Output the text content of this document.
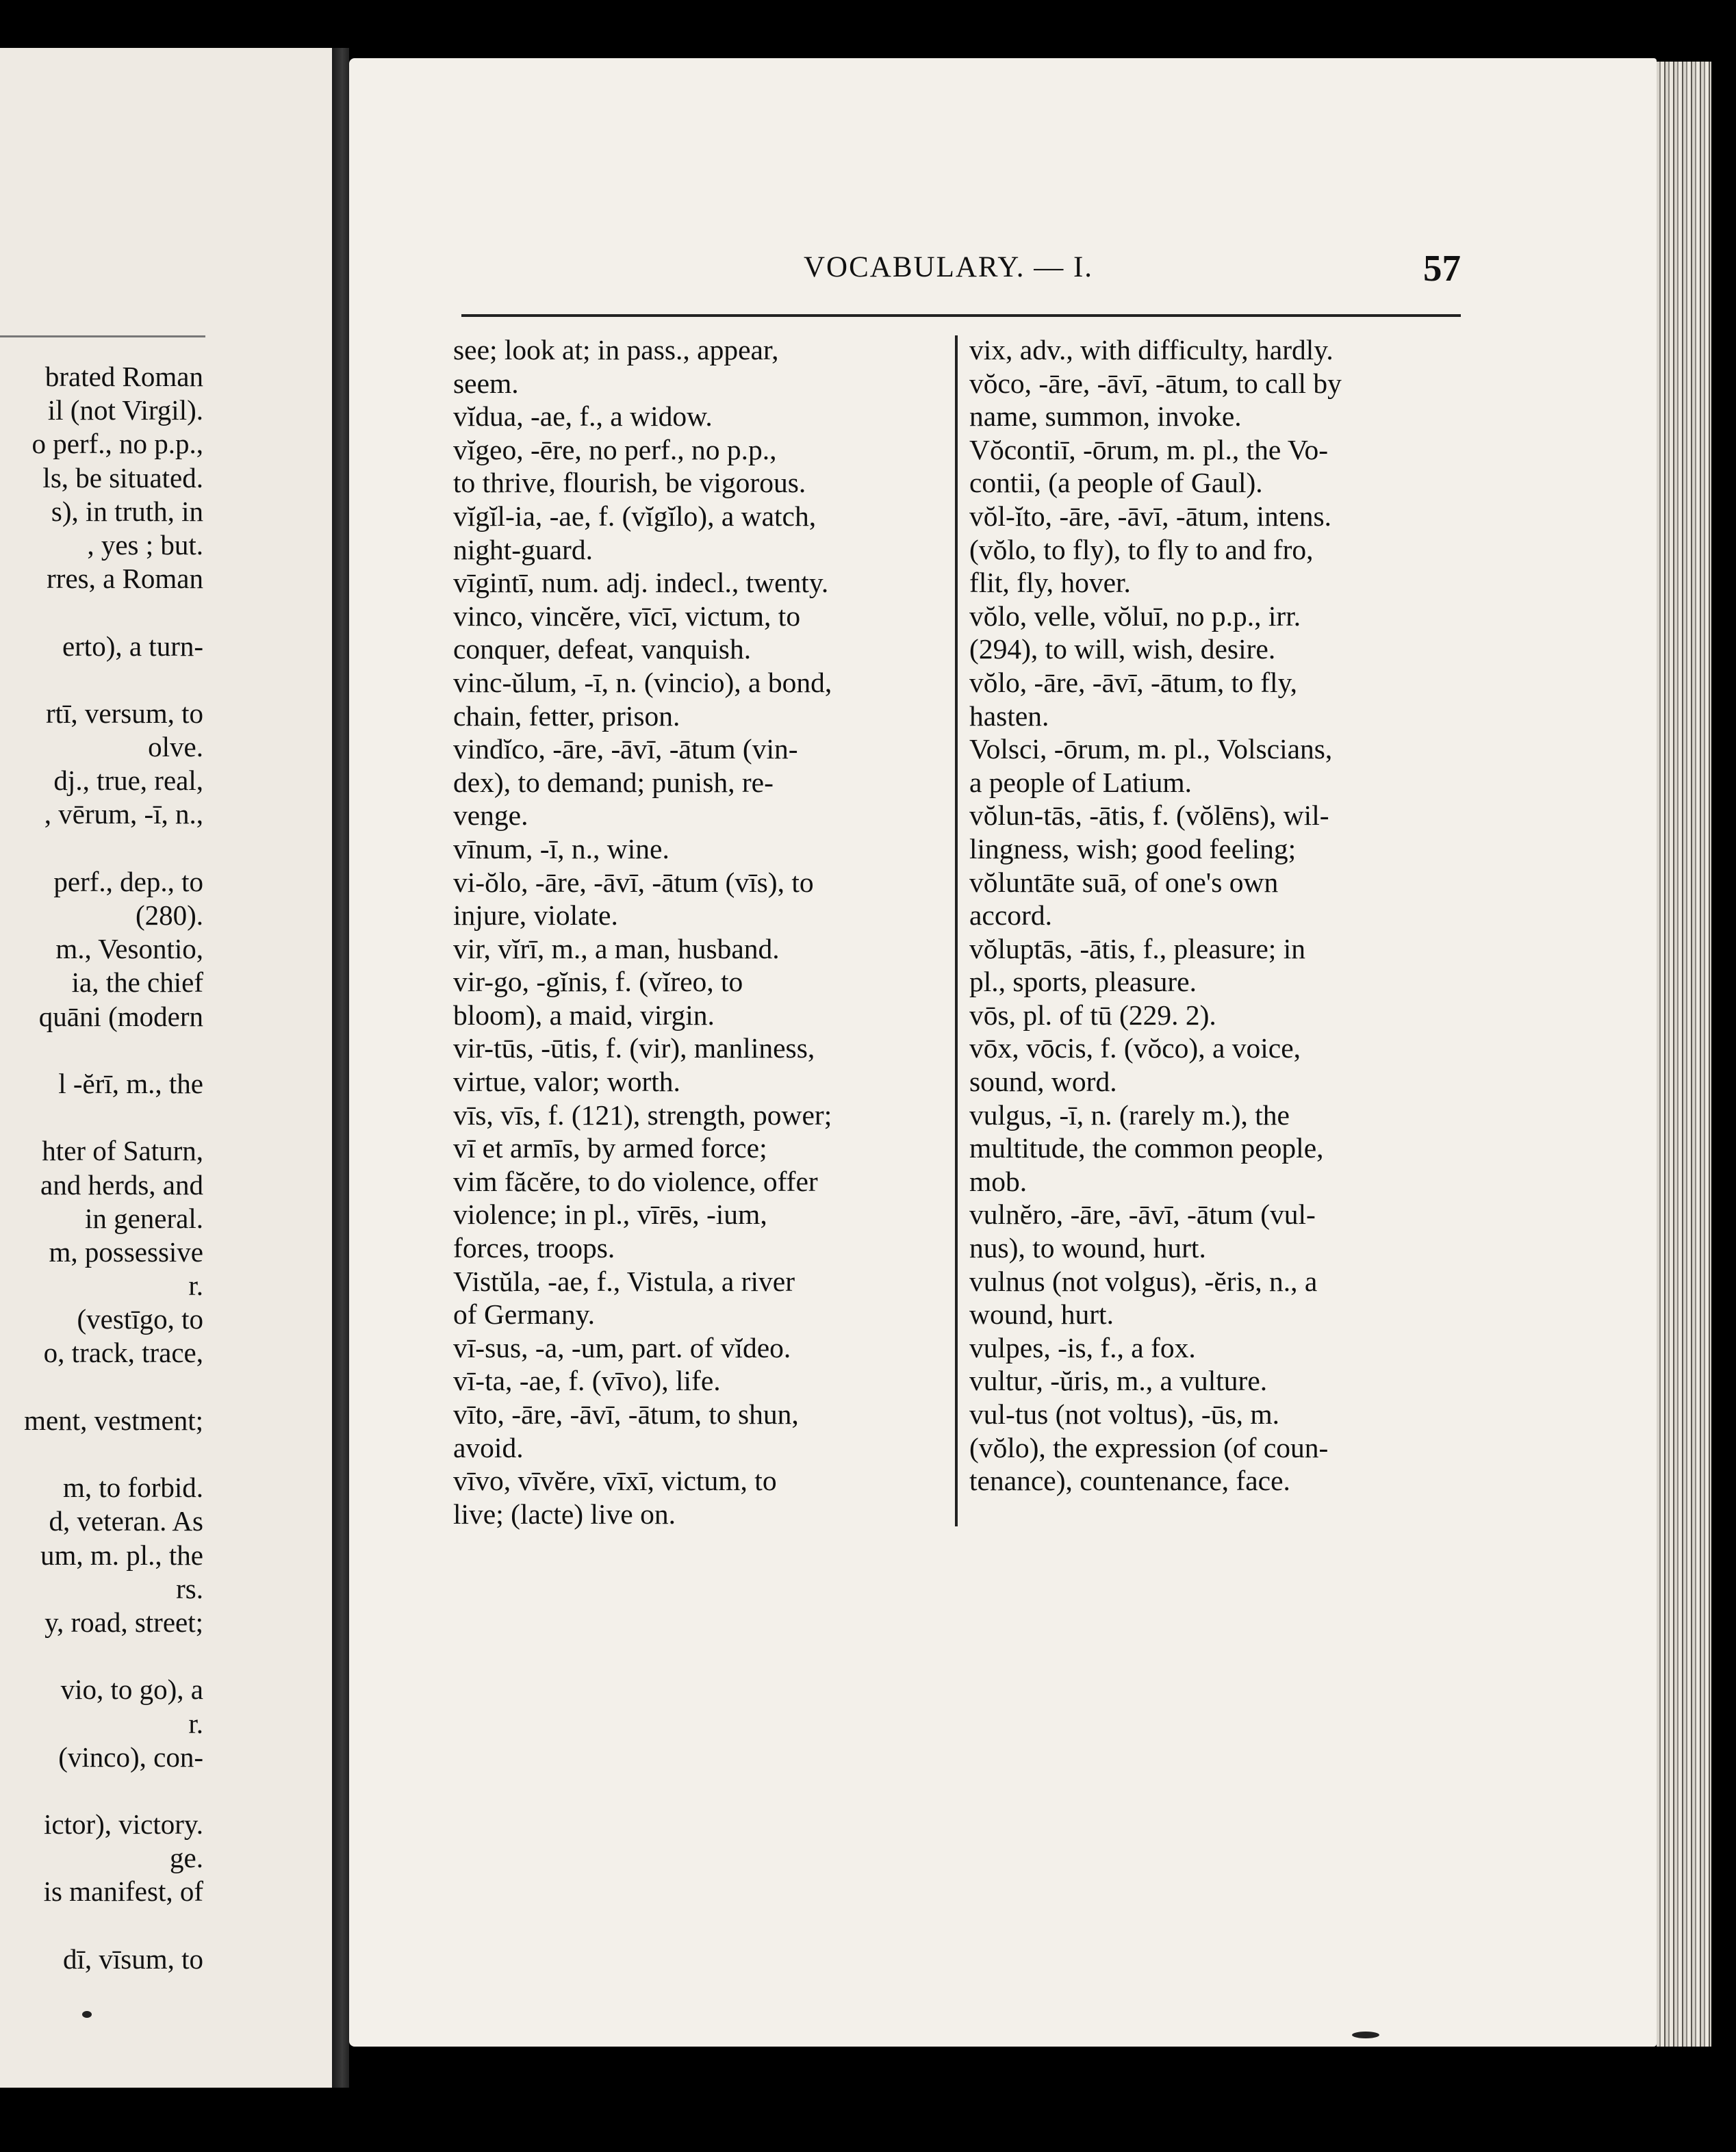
brated Roman
il (not Virgil).
o perf., no p.p.,
ls, be situated.
s), in truth, in
, yes ; but.
rres, a Roman
erto), a turn-
rtī, versum, to
olve.
dj., true, real,
, vērum, -ī, n.,
perf., dep., to
(280).
m., Vesontio,
ia, the chief
quāni (modern
l -ĕrī, m., the
hter of Saturn,
and herds, and
in general.
m, possessive
r.
(vestīgo, to
o, track, trace,
ment, vestment;
m, to forbid.
d, veteran. As
um, m. pl., the
rs.
y, road, street;
vio, to go), a
r.
(vinco), con-
ictor), victory.
ge.
is manifest, of
dī, vīsum, to
VOCABULARY. — I.	57
see; look at; in pass., appear,
seem.
vĭdua, -ae, f., a widow.
vĭgeo, -ēre, no perf., no p.p.,
to thrive, flourish, be vigorous.
vĭgĭl-ia, -ae, f. (vĭgĭlo), a watch,
night-guard.
vīgintī, num. adj. indecl., twenty.
vinco, vincĕre, vīcī, victum, to
conquer, defeat, vanquish.
vinc-ŭlum, -ī, n. (vincio), a bond,
chain, fetter, prison.
vindĭco, -āre, -āvī, -ātum (vin-
dex), to demand; punish, re-
venge.
vīnum, -ī, n., wine.
vi-ŏlo, -āre, -āvī, -ātum (vīs), to
injure, violate.
vir, vĭrī, m., a man, husband.
vir-go, -gĭnis, f. (vĭreo, to
bloom), a maid, virgin.
vir-tūs, -ūtis, f. (vir), manliness,
virtue, valor; worth.
vīs, vīs, f. (121), strength, power;
vī et armīs, by armed force;
vim făcĕre, to do violence, offer
violence; in pl., vīrēs, -ium,
forces, troops.
Vistŭla, -ae, f., Vistula, a river
of Germany.
vī-sus, -a, -um, part. of vĭdeo.
vī-ta, -ae, f. (vīvo), life.
vīto, -āre, -āvī, -ātum, to shun,
avoid.
vīvo, vīvĕre, vīxī, victum, to
live; (lacte) live on.
vix, adv., with difficulty, hardly.
vŏco, -āre, -āvī, -ātum, to call by
name, summon, invoke.
Vŏcontiī, -ōrum, m. pl., the Vo-
contii, (a people of Gaul).
vŏl-ĭto, -āre, -āvī, -ātum, intens.
(vŏlo, to fly), to fly to and fro,
flit, fly, hover.
vŏlo, velle, vŏluī, no p.p., irr.
(294), to will, wish, desire.
vŏlo, -āre, -āvī, -ātum, to fly,
hasten.
Volsci, -ōrum, m. pl., Volscians,
a people of Latium.
vŏlun-tās, -ātis, f. (vŏlēns), wil-
lingness, wish; good feeling;
vŏluntāte suā, of one's own
accord.
vŏluptās, -ātis, f., pleasure; in
pl., sports, pleasure.
vōs, pl. of tū (229. 2).
vōx, vōcis, f. (vŏco), a voice,
sound, word.
vulgus, -ī, n. (rarely m.), the
multitude, the common people,
mob.
vulnĕro, -āre, -āvī, -ātum (vul-
nus), to wound, hurt.
vulnus (not volgus), -ĕris, n., a
wound, hurt.
vulpes, -is, f., a fox.
vultur, -ŭris, m., a vulture.
vul-tus (not voltus), -ūs, m.
(vŏlo), the expression (of coun-
tenance), countenance, face.
